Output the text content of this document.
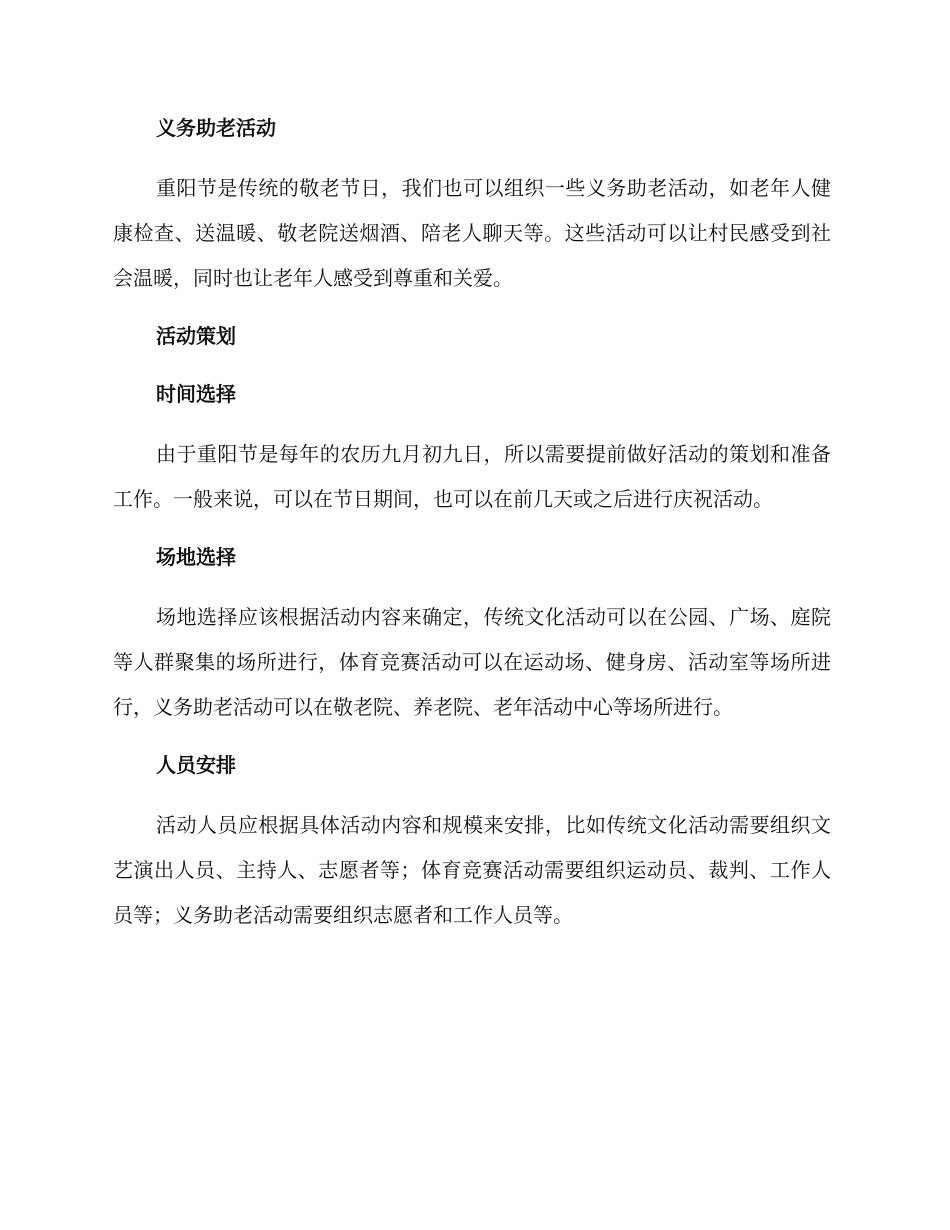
义务助老活动

重阳节是传统的敬老节日，我们也可以组织一些义务助老活动，如老年人健康检查、送温暖、敬老院送烟酒、陪老人聊天等。这些活动可以让村民感受到社会温暖，同时也让老年人感受到尊重和关爱。

活动策划
时间选择

由于重阳节是每年的农历九月初九日，所以需要提前做好活动的策划和准备工作。一般来说，可以在节日期间，也可以在前几天或之后进行庆祝活动。

场地选择

场地选择应该根据活动内容来确定，传统文化活动可以在公园、广场、庭院等人群聚集的场所进行，体育竞赛活动可以在运动场、健身房、活动室等场所进行，义务助老活动可以在敬老院、养老院、老年活动中心等场所进行。

人员安排

活动人员应根据具体活动内容和规模来安排，比如传统文化活动需要组织文艺演出人员、主持人、志愿者等；体育竞赛活动需要组织运动员、裁判、工作人员等；义务助老活动需要组织志愿者和工作人员等。
